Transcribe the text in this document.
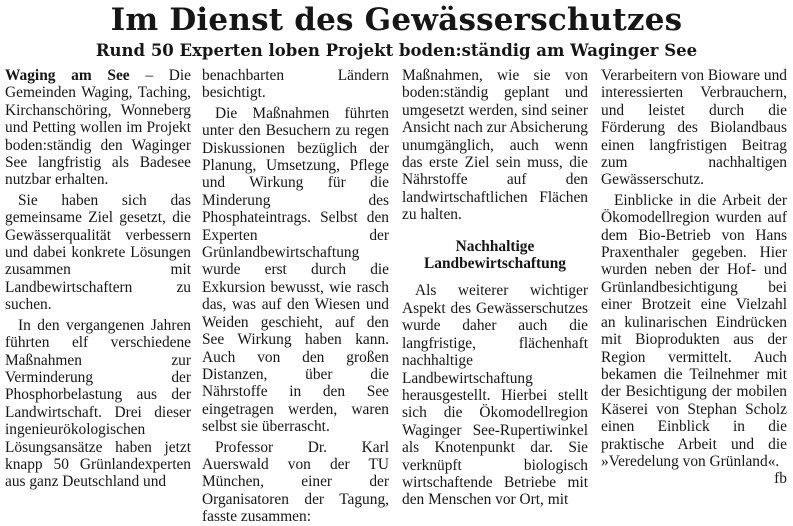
Im Dienst des Gewässerschutzes
Rund 50 Experten loben Projekt boden:ständig am Waginger See

Waging am See – Die Gemeinden Waging, Taching, Kirchanschöring, Wonneberg und Petting wollen im Projekt boden:ständig den Waginger See langfristig als Badesee nutzbar erhalten.

Sie haben sich das gemeinsame Ziel gesetzt, die Gewässerqualität verbessern und dabei konkrete Lösungen zusammen mit Landbewirtschaftern zu suchen.

In den vergangenen Jahren führten elf verschiedene Maßnahmen zur Verminderung der Phosphorbelastung aus der Landwirtschaft. Drei dieser ingenieurökologischen Lösungsansätze haben jetzt knapp 50 Grünlandexperten aus ganz Deutschland und

benachbarten Ländern besichtigt.

Die Maßnahmen führten unter den Besuchern zu regen Diskussionen bezüglich der Planung, Umsetzung, Pflege und Wirkung für die Minderung des Phosphateintrags. Selbst den Experten der Grünlandbewirtschaftung wurde erst durch die Exkursion bewusst, wie rasch das, was auf den Wiesen und Weiden geschieht, auf den See Wirkung haben kann. Auch von den großen Distanzen, über die Nährstoffe in den See eingetragen werden, waren selbst sie überrascht.

Professor Dr. Karl Auerswald von der TU München, einer der Organisatoren der Tagung, fasste zusammen:

Maßnahmen, wie sie von boden:ständig geplant und umgesetzt werden, sind seiner Ansicht nach zur Absicherung unumgänglich, auch wenn das erste Ziel sein muss, die Nährstoffe auf den landwirtschaftlichen Flächen zu halten.

Nachhaltige Landbewirtschaftung

Als weiterer wichtiger Aspekt des Gewässerschutzes wurde daher auch die langfristige, flächenhaft nachhaltige Landbewirtschaftung herausgestellt. Hierbei stellt sich die Ökomodellregion Waginger See-Rupertiwinkel als Knotenpunkt dar. Sie verknüpft biologisch wirtschaftende Betriebe mit den Menschen vor Ort, mit

Verarbeitern von Bioware und interessierten Verbrauchern, und leistet durch die Förderung des Biolandbaus einen langfristigen Beitrag zum nachhaltigen Gewässerschutz.

Einblicke in die Arbeit der Ökomodellregion wurden auf dem Bio-Betrieb von Hans Praxenthaler gegeben. Hier wurden neben der Hof- und Grünlandbesichtigung bei einer Brotzeit eine Vielzahl an kulinarischen Eindrücken mit Bioprodukten aus der Region vermittelt. Auch bekamen die Teilnehmer mit der Besichtigung der mobilen Käserei von Stephan Scholz einen Einblick in die praktische Arbeit und die »Veredelung von Grünland«.

fb
